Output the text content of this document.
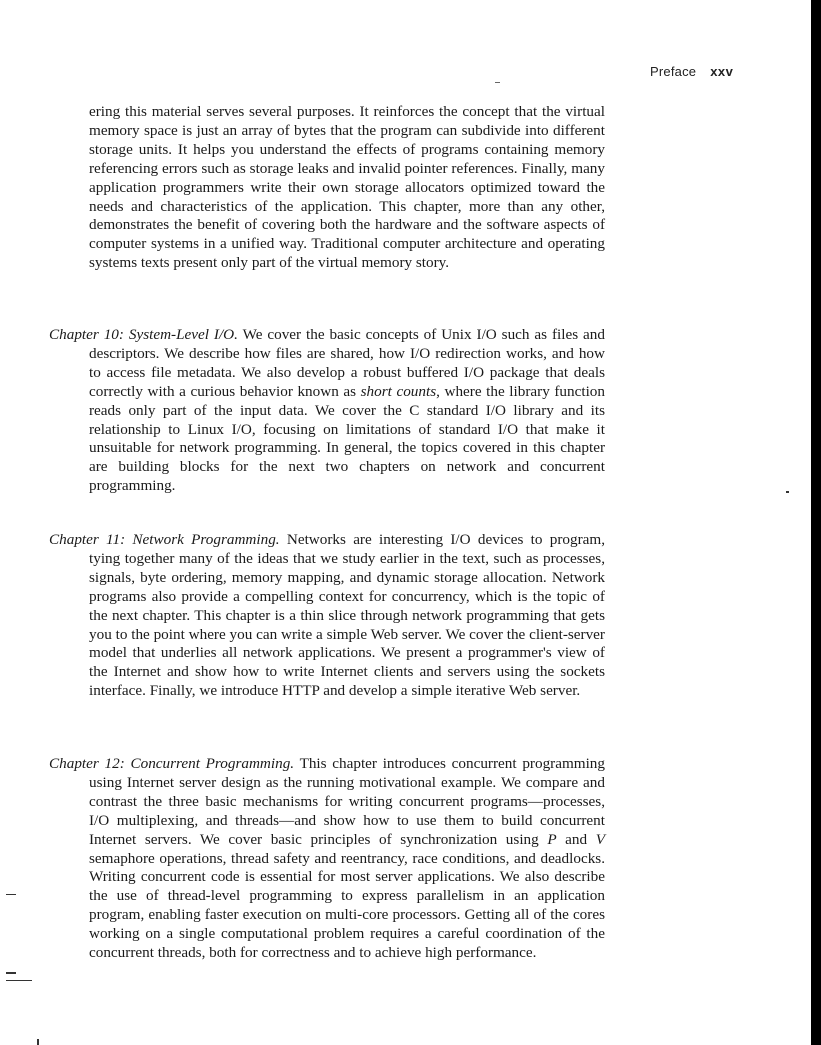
Preface xxv

ering this material serves several purposes. It reinforces the concept that the virtual memory space is just an array of bytes that the program can subdivide into different storage units. It helps you understand the effects of programs containing memory referencing errors such as storage leaks and invalid pointer references. Finally, many application programmers write their own storage allocators optimized toward the needs and characteristics of the application. This chapter, more than any other, demonstrates the benefit of covering both the hardware and the software aspects of computer systems in a unified way. Traditional computer architecture and operating systems texts present only part of the virtual memory story.

Chapter 10: System-Level I/O. We cover the basic concepts of Unix I/O such as files and descriptors. We describe how files are shared, how I/O redirection works, and how to access file metadata. We also develop a robust buffered I/O package that deals correctly with a curious behavior known as short counts, where the library function reads only part of the input data. We cover the C standard I/O library and its relationship to Linux I/O, focusing on limitations of standard I/O that make it unsuitable for network programming. In general, the topics covered in this chapter are building blocks for the next two chapters on network and concurrent programming.

Chapter 11: Network Programming. Networks are interesting I/O devices to program, tying together many of the ideas that we study earlier in the text, such as processes, signals, byte ordering, memory mapping, and dynamic storage allocation. Network programs also provide a compelling context for concurrency, which is the topic of the next chapter. This chapter is a thin slice through network programming that gets you to the point where you can write a simple Web server. We cover the client-server model that underlies all network applications. We present a programmer's view of the Internet and show how to write Internet clients and servers using the sockets interface. Finally, we introduce HTTP and develop a simple iterative Web server.

Chapter 12: Concurrent Programming. This chapter introduces concurrent programming using Internet server design as the running motivational example. We compare and contrast the three basic mechanisms for writing concurrent programs—processes, I/O multiplexing, and threads—and show how to use them to build concurrent Internet servers. We cover basic principles of synchronization using P and V semaphore operations, thread safety and reentrancy, race conditions, and deadlocks. Writing concurrent code is essential for most server applications. We also describe the use of thread-level programming to express parallelism in an application program, enabling faster execution on multi-core processors. Getting all of the cores working on a single computational problem requires a careful coordination of the concurrent threads, both for correctness and to achieve high performance.
